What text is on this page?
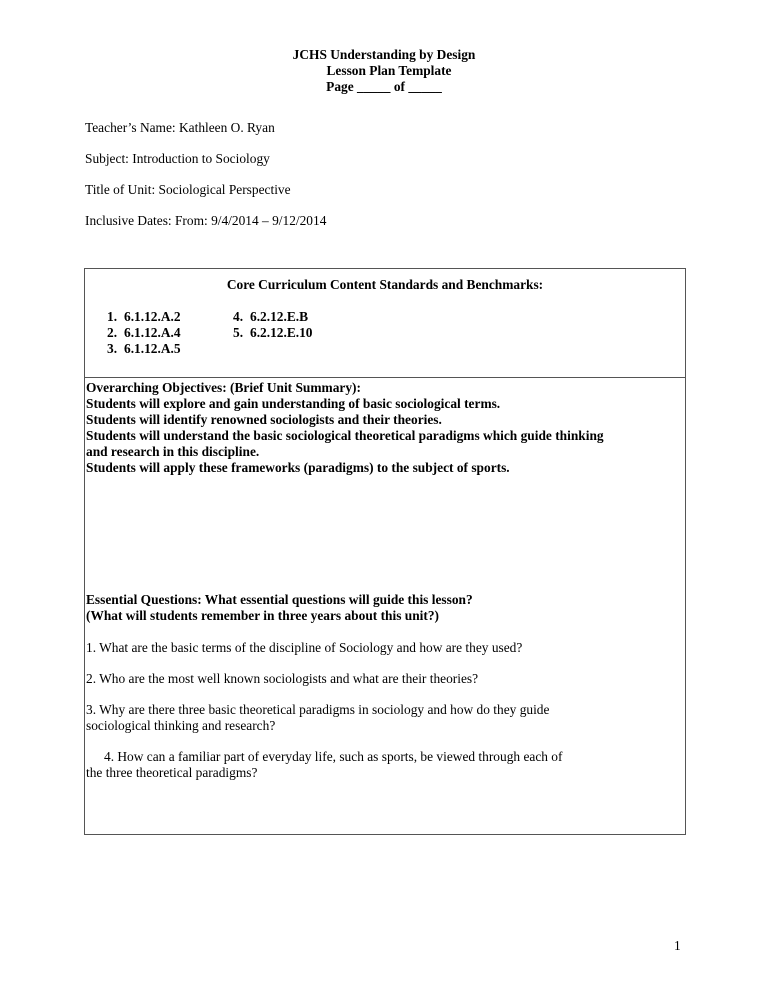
JCHS Understanding by Design
Lesson Plan Template
Page _____ of _____
Teacher’s Name: Kathleen O. Ryan
Subject: Introduction to Sociology
Title of Unit: Sociological Perspective
Inclusive Dates: From: 9/4/2014 – 9/12/2014
Core Curriculum Content Standards and Benchmarks:
1. 6.1.12.A.2
2. 6.1.12.A.4
3. 6.1.12.A.5
4. 6.2.12.E.B
5. 6.2.12.E.10
Overarching Objectives: (Brief Unit Summary):
Students will explore and gain understanding of basic sociological terms.
Students will identify renowned sociologists and their theories.
Students will understand the basic sociological theoretical paradigms which guide thinking
and research in this discipline.
Students will apply these frameworks (paradigms) to the subject of sports.
Essential Questions: What essential questions will guide this lesson?
(What will students remember in three years about this unit?)
1. What are the basic terms of the discipline of Sociology and how are they used?
2. Who are the most well known sociologists and what are their theories?
3. Why are there three basic theoretical paradigms in sociology and how do they guide
sociological thinking and research?
4. How can a familiar part of everyday life, such as sports, be viewed through each of
the three theoretical paradigms?
1
